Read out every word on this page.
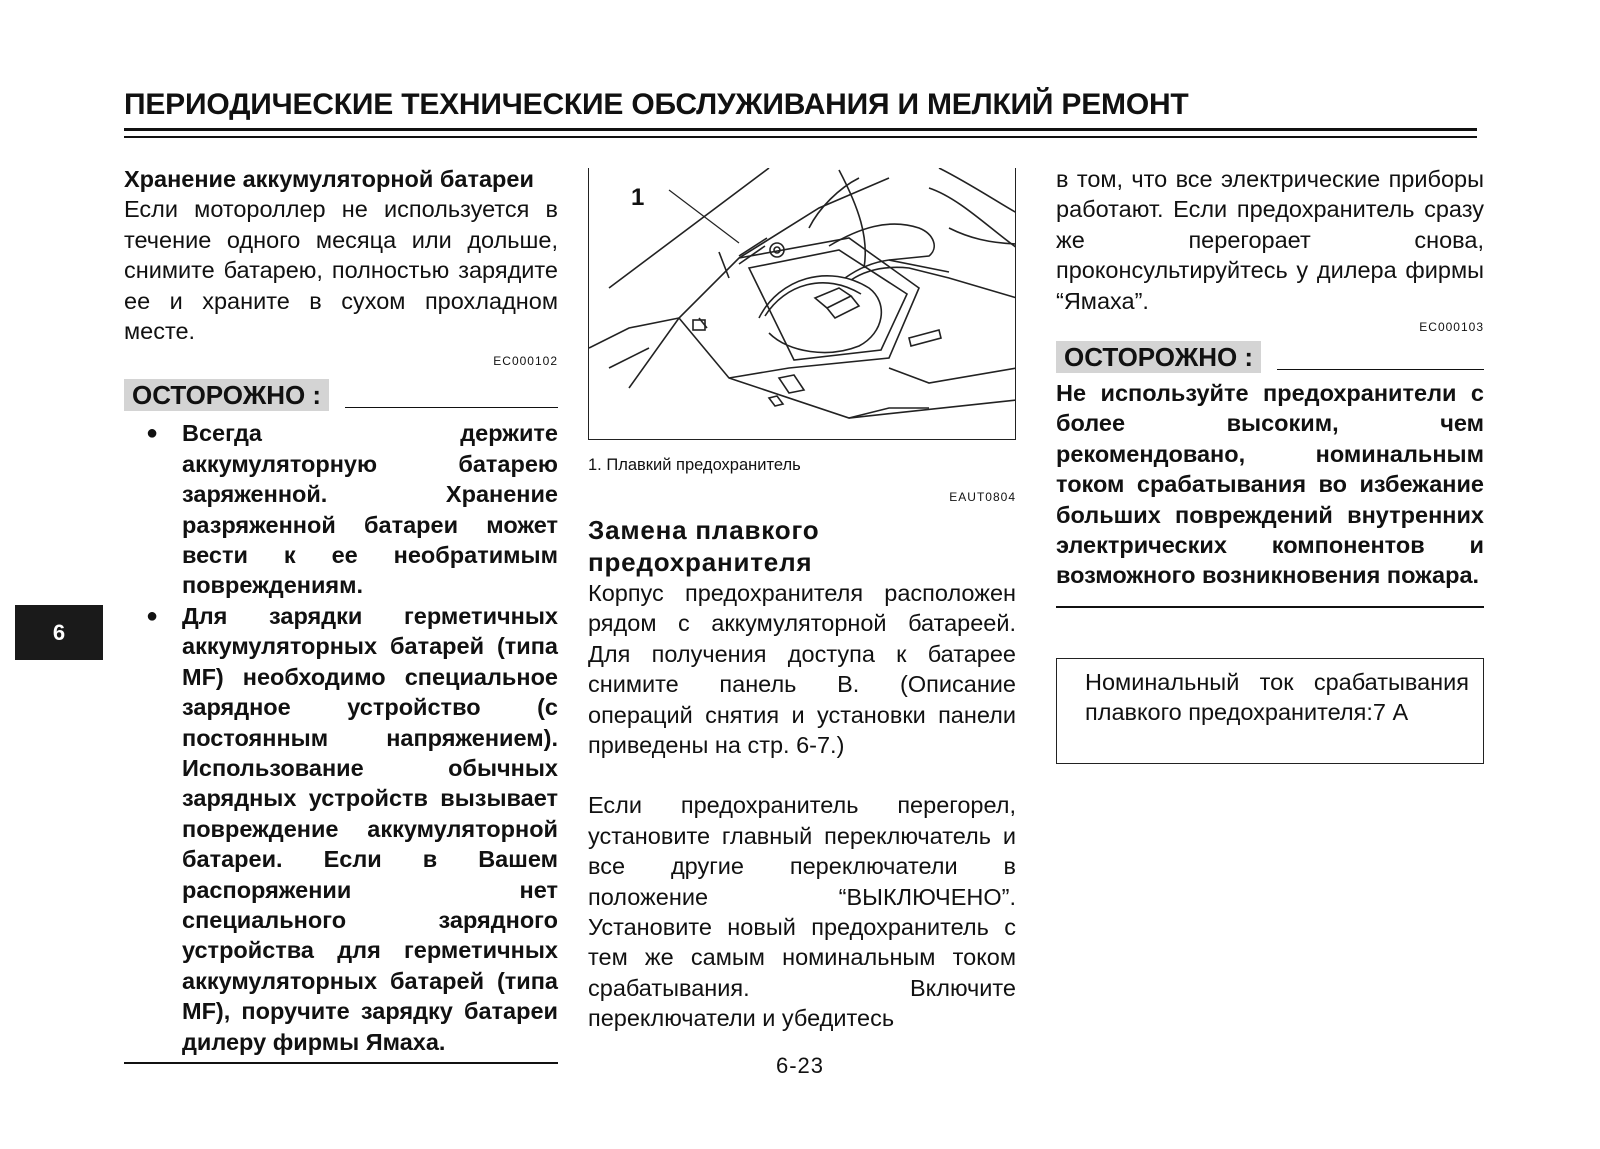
ПЕРИОДИЧЕСКИЕ ТЕХНИЧЕСКИЕ ОБСЛУЖИВАНИЯ И МЕЛКИЙ РЕМОНТ
6

Хранение аккумуляторной батареи

Если мотороллер не используется в течение одного месяца или дольше, снимите батарею, полностью зарядите ее и храните в сухом прохладном месте.

EC000102
ОСТОРОЖНО :
●	Всегда держите аккумуляторную батарею заряженной. Хранение разряженной батареи может вести к ее необратимым повреждениям.
●	Для зарядки герметичных аккумуляторных батарей (типа MF) необходимо специальное зарядное устройство (с постоянным напряжением). Использование обычных зарядных устройств вызывает повреждение аккумуляторной батареи. Если в Вашем распоряжении нет специального зарядного устройства для герметичных аккумуляторных батарей (типа MF), поручите зарядку батареи дилеру фирмы Ямаха.
1
1. Плавкий предохранитель
EAUT0804

Замена плавкого предохранителя

Корпус предохранителя расположен рядом с аккумуляторной батареей. Для получения доступа к батарее снимите панель B. (Описание операций снятия и установки панели приведены на стр. 6-7.)

Если предохранитель перегорел, установите главный переключатель и все другие переключатели в положение “ВЫКЛЮЧЕНО”. Установите новый предохранитель с тем же самым номинальным током срабатывания. Включите переключатели и убедитесь

в том, что все электрические приборы работают. Если предохранитель сразу же перегорает снова, проконсультируйтесь у дилера фирмы “Ямаха”.

EC000103
ОСТОРОЖНО :

Не используйте предохранители с более высоким, чем рекомендовано, номинальным током срабатывания во избежание больших повреждений внутренних электрических компонентов и возможного возникновения пожара.

Номинальный ток срабатывания плавкого предохранителя:7 A
6-23
